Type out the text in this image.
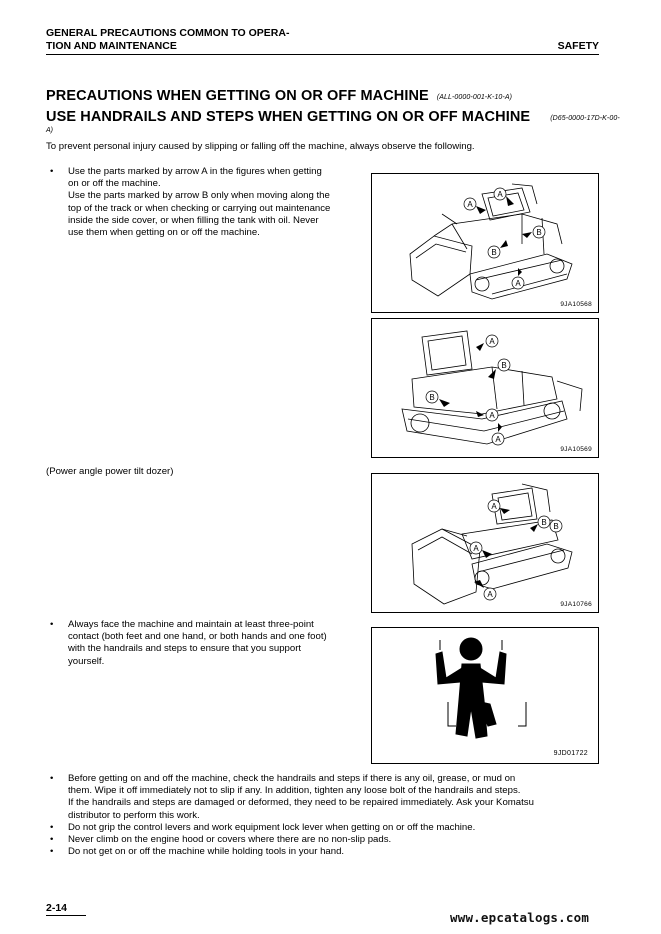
GENERAL PRECAUTIONS COMMON TO OPERA-
TION AND MAINTENANCE	SAFETY
PRECAUTIONS WHEN GETTING ON OR OFF MACHINE (ALL-0000-001-K-10-A)
USE HANDRAILS AND STEPS WHEN GETTING ON OR OFF MACHINE	(D65-0000-17D-K-00-
A)
To prevent personal injury caused by slipping or falling off the machine, always observe the following.
•	Use the parts marked by arrow A in the figures when getting
on or off the machine.
Use the parts marked by arrow B only when moving along the
top of the track or when checking or carrying out maintenance
inside the side cover, or when filling the tank with oil. Never
use them when getting on or off the machine.
A
B
B
A
A
9JA10568
A
B
B
A
A
9JA10569
(Power angle power tilt dozer)
A
B B
A
A
9JA10766
•	Always face the machine and maintain at least three-point
contact (both feet and one hand, or both hands and one foot)
with the handrails and steps to ensure that you support
yourself.
9JD01722
•	Before getting on and off the machine, check the handrails and steps if there is any oil, grease, or mud on
them. Wipe it off immediately not to slip if any. In addition, tighten any loose bolt of the handrails and steps.
If the handrails and steps are damaged or deformed, they need to be repaired immediately. Ask your Komatsu
distributor to perform this work.
•	Do not grip the control levers and work equipment lock lever when getting on or off the machine.
•	Never climb on the engine hood or covers where there are no non-slip pads.
•	Do not get on or off the machine while holding tools in your hand.
2-14
www.epcatalogs.com
